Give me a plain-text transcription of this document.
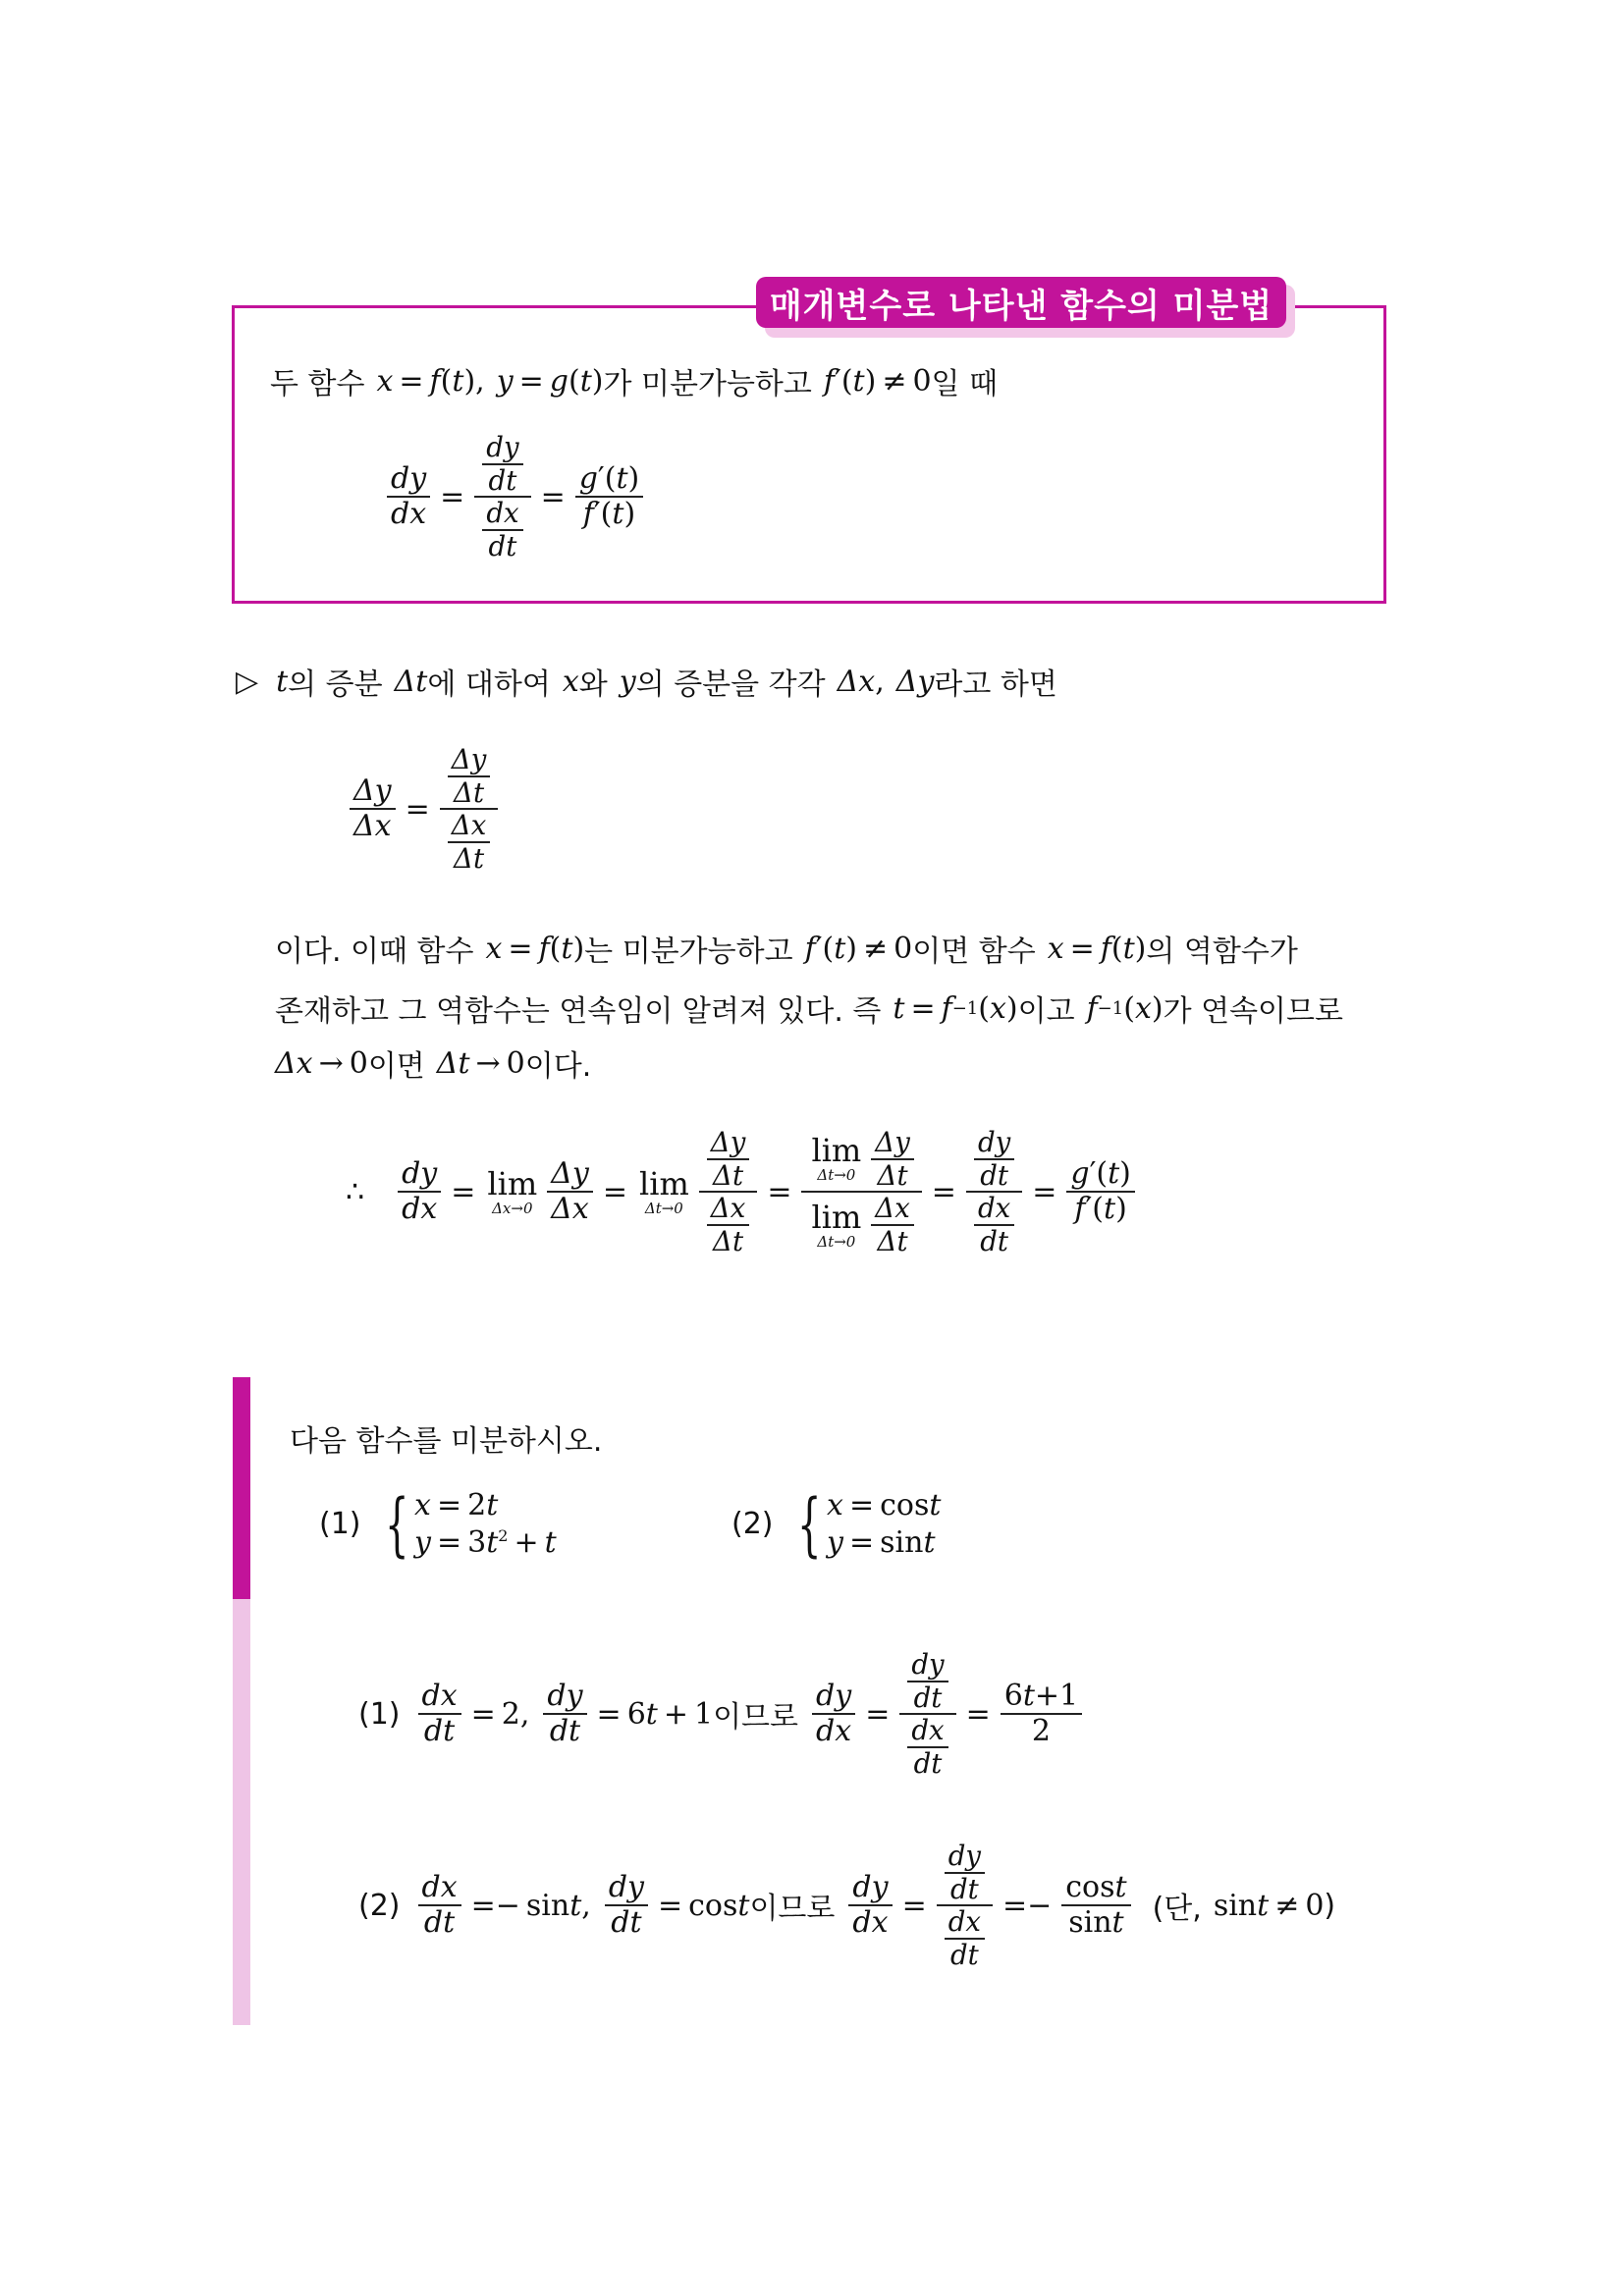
매개변수로 나타낸 함수의 미분법
두 함수 x = f ( t ), y = g ( t ) 가 미분가능하고 f ′( t ) ≠ 0 일 때
$\frac{dy}{dx} = \frac{\frac{dy}{dt}}{\frac{dx}{dt}} = \frac{g'(t)}{f'(t)}$
▷ t 의 증분 Δt 에 대하여 x 와 y 의 증분을 각각 Δx , Δy 라고 하면
$\frac{\Delta y}{\Delta x} = \frac{\frac{\Delta y}{\Delta t}}{\frac{\Delta x}{\Delta t}}$
이다. 이때 함수 x = f ( t ) 는 미분가능하고 f ′( t ) ≠ 0 이면 함수 x = f ( t ) 의 역함수가
존재하고 그 역함수는 연속임이 알려져 있다. 즉 t = f −1 ( x ) 이고 f −1 ( x ) 가 연속이므로
Δx → 0 이면 Δt → 0 이다.
∴ $\frac{dy}{dx} = \lim$
$\Delta x\to 0 \frac{\Delta y}{\Delta x} = \lim$
$\Delta t\to 0 \frac{\frac{\Delta y}{\Delta t}}{\frac{\Delta x}{\Delta t}} = \lim$
$\Delta t\to 0 \frac{\Delta y}{\Delta t}$
lim
$\Delta t\to 0 \frac{\Delta x}{\Delta t} = \frac{\frac{dy}{dt}}{\frac{dx}{dt}} = \frac{g'(t)}{f'(t)}$
다음 함수를 미분하시오.
(1) { x = 2t
$y = 3t^2 + t$
(2) { x = cost
y = sint
$(1) \frac{dx}{dt} = 2$, $\frac{dy}{dt} = 6$ t + 1 이므로 $\frac{dy}{dx} = \frac{\frac{dy}{dt}}{\frac{dx}{dt}} = \frac{6t+1}{2}$
$(2) \frac{dx}{dt} =- \sin t$ , $\frac{dy}{dt} = \cos t$ 이므로 $\frac{dy}{dx} = \frac{\frac{dy}{dt}}{\frac{dx}{dt}} =- \frac{\cos t}{\sin t}$ (단, sin t ≠ 0 )
